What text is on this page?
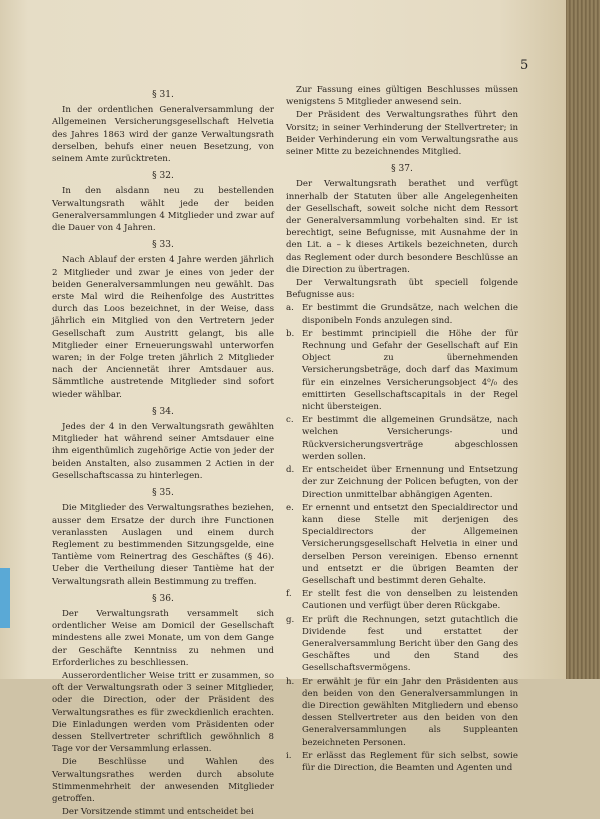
5
§ 31.

In der ordentlichen Generalversammlung der Allgemeinen Versicherungsgesellschaft Helvetia des Jahres 1863 wird der ganze Verwaltungsrath derselben, behufs einer neuen Besetzung, von seinem Amte zurücktreten.

§ 32.

In den alsdann neu zu bestellenden Verwaltungsrath wählt jede der beiden Generalversammlungen 4 Mitglieder und zwar auf die Dauer von 4 Jahren.

§ 33.

Nach Ablauf der ersten 4 Jahre werden jährlich 2 Mitglieder und zwar je eines von jeder der beiden Generalversammlungen neu gewählt. Das erste Mal wird die Reihenfolge des Austrittes durch das Loos bezeichnet, in der Weise, dass jährlich ein Mitglied von den Vertretern jeder Gesellschaft zum Austritt gelangt, bis alle Mitglieder einer Erneuerungswahl unterworfen waren; in der Folge treten jährlich 2 Mitglieder nach der Anciennetät ihrer Amtsdauer aus. Sämmtliche austretende Mitglieder sind sofort wieder wählbar.

§ 34.

Jedes der 4 in den Verwaltungsrath gewählten Mitglieder hat während seiner Amtsdauer eine ihm eigenthümlich zugehörige Actie von jeder der beiden Anstalten, also zusammen 2 Actien in der Gesellschaftscassa zu hinterlegen.

§ 35.

Die Mitglieder des Verwaltungsrathes beziehen, ausser dem Ersatze der durch ihre Functionen veranlassten Auslagen und einem durch Reglement zu bestimmenden Sitzungsgelde, eine Tantième vom Reinertrag des Geschäftes (§ 46). Ueber die Vertheilung dieser Tantième hat der Verwaltungsrath allein Bestimmung zu treffen.

§ 36.

Der Verwaltungsrath versammelt sich ordentlicher Weise am Domicil der Gesellschaft mindestens alle zwei Monate, um von dem Gange der Geschäfte Kenntniss zu nehmen und Erforderliches zu beschliessen.

Ausserordentlicher Weise tritt er zusammen, so oft der Verwaltungsrath oder 3 seiner Mitglieder, oder die Direction, oder der Präsident des Verwaltungsrathes es für zweckdienlich erachten. Die Einladungen werden vom Präsidenten oder dessen Stellvertreter schriftlich gewöhnlich 8 Tage vor der Versammlung erlassen.

Die Beschlüsse und Wahlen des Verwaltungsrathes werden durch absolute Stimmenmehrheit der anwesenden Mitglieder getroffen.

Der Vorsitzende stimmt und entscheidet bei

Zur Fassung eines gültigen Beschlusses müssen wenigstens 5 Mitglieder anwesend sein.

Der Präsident des Verwaltungsrathes führt den Vorsitz; in seiner Verhinderung der Stellvertreter; in Beider Verhinderung ein vom Verwaltungsrathe aus seiner Mitte zu bezeichnendes Mitglied.

§ 37.

Der Verwaltungsrath berathet und verfügt innerhalb der Statuten über alle Angelegenheiten der Gesellschaft, soweit solche nicht dem Ressort der Generalversammlung vorbehalten sind. Er ist berechtigt, seine Befugnisse, mit Ausnahme der in den Lit. a – k dieses Artikels bezeichneten, durch das Reglement oder durch besondere Beschlüsse an die Direction zu übertragen.

Der Verwaltungsrath übt speciell folgende Befugnisse aus:

a. Er bestimmt die Grundsätze, nach welchen die disponibeln Fonds anzulegen sind.
b. Er bestimmt principiell die Höhe der für Rechnung und Gefahr der Gesellschaft auf Ein Object zu übernehmenden Versicherungsbeträge, doch darf das Maximum für ein einzelnes Versicherungsobject 4⁰/₀ des emittirten Gesellschaftscapitals in der Regel nicht übersteigen.
c. Er bestimmt die allgemeinen Grundsätze, nach welchen Versicherungs- und Rückversicherungsverträge abgeschlossen werden sollen.
d. Er entscheidet über Ernennung und Entsetzung der zur Zeichnung der Policen befugten, von der Direction unmittelbar abhängigen Agenten.
e. Er ernennt und entsetzt den Specialdirector und kann diese Stelle mit derjenigen des Specialdirectors der Allgemeinen Versicherungsgesellschaft Helvetia in einer und derselben Person vereinigen. Ebenso ernennt und entsetzt er die übrigen Beamten der Gesellschaft und bestimmt deren Gehalte.
f. Er stellt fest die von denselben zu leistenden Cautionen und verfügt über deren Rückgabe.
g. Er prüft die Rechnungen, setzt gutachtlich die Dividende fest und erstattet der Generalversammlung Bericht über den Gang des Geschäftes und den Stand des Gesellschaftsvermögens.
h. Er erwählt je für ein Jahr den Präsidenten aus den beiden von den Generalversammlungen in die Direction gewählten Mitgliedern und ebenso dessen Stellvertreter aus den beiden von den Generalversammlungen als Suppleanten bezeichneten Personen.
i. Er erlässt das Reglement für sich selbst, sowie für die Direction, die Beamten und Agenten und
